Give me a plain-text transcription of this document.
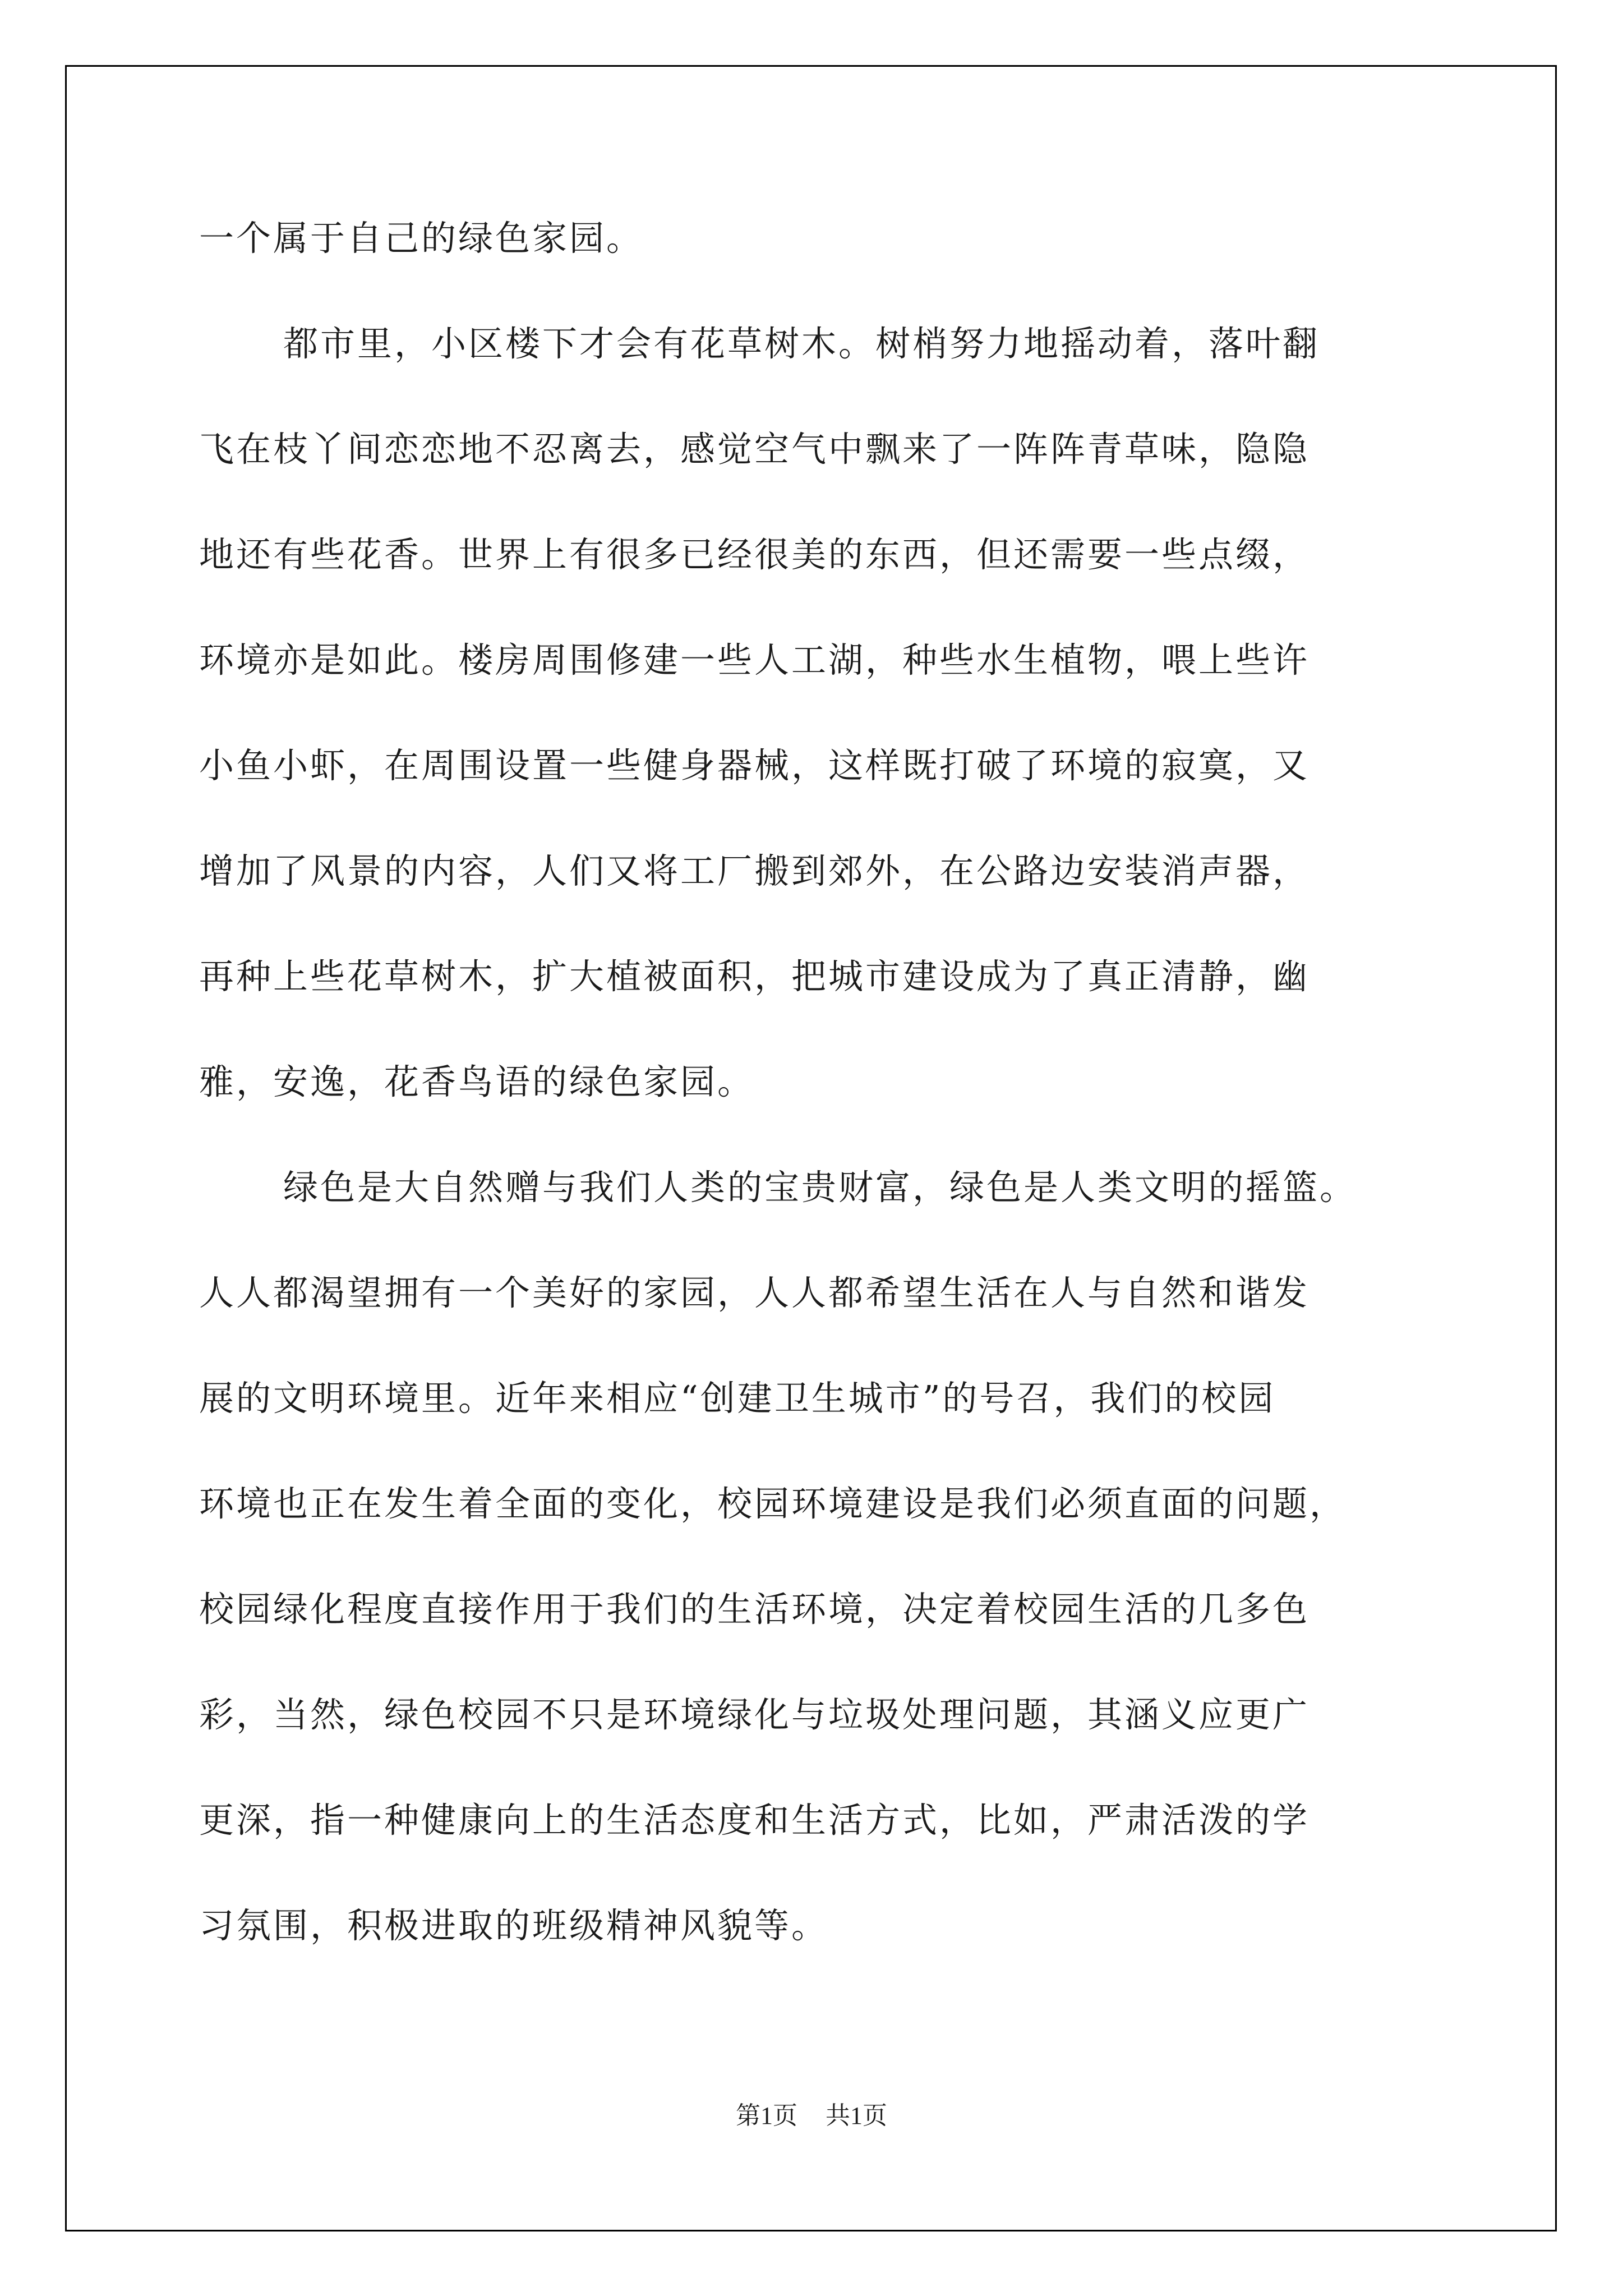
一个属于自己的绿色家园。
都市里，小区楼下才会有花草树木。树梢努力地摇动着，落叶翻
飞在枝丫间恋恋地不忍离去，感觉空气中飘来了一阵阵青草味，隐隐
地还有些花香。世界上有很多已经很美的东西，但还需要一些点缀，
环境亦是如此。楼房周围修建一些人工湖，种些水生植物，喂上些许
小鱼小虾，在周围设置一些健身器械，这样既打破了环境的寂寞，又
增加了风景的内容，人们又将工厂搬到郊外，在公路边安装消声器，
再种上些花草树木，扩大植被面积，把城市建设成为了真正清静，幽
雅，安逸，花香鸟语的绿色家园。
绿色是大自然赠与我们人类的宝贵财富，绿色是人类文明的摇篮。
人人都渴望拥有一个美好的家园，人人都希望生活在人与自然和谐发
展的文明环境里。近年来相应“创建卫生城市”的号召，我们的校园
环境也正在发生着全面的变化，校园环境建设是我们必须直面的问题，
校园绿化程度直接作用于我们的生活环境，决定着校园生活的几多色
彩，当然，绿色校园不只是环境绿化与垃圾处理问题，其涵义应更广
更深，指一种健康向上的生活态度和生活方式，比如，严肃活泼的学
习氛围，积极进取的班级精神风貌等。
第1页 共1页
